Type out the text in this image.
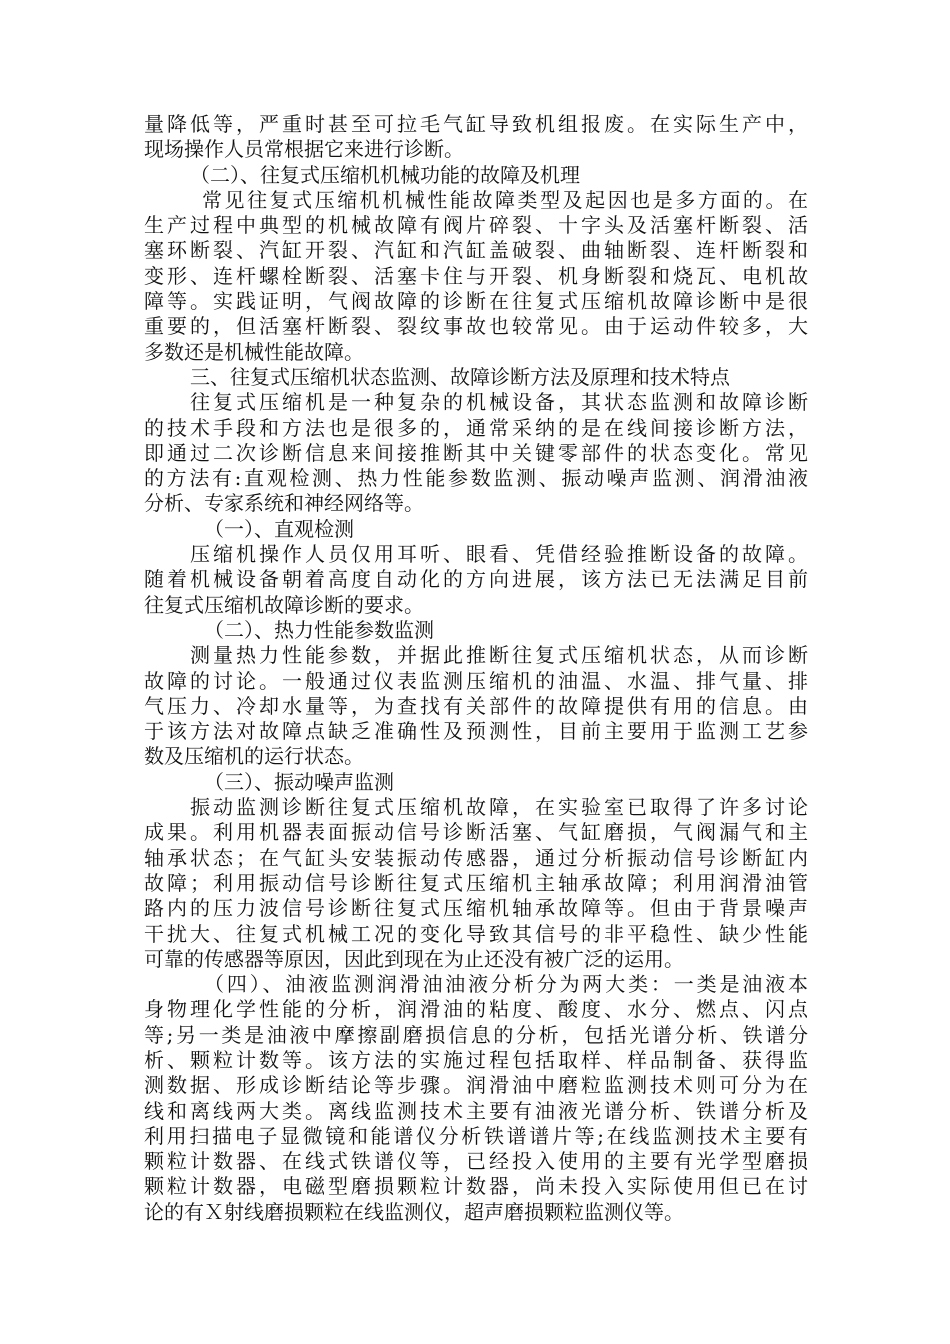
量降低等，严重时甚至可拉毛气缸导致机组报废。在实际生产中，
现场操作人员常根据它来进行诊断。
（二）、往复式压缩机机械功能的故障及机理
常见往复式压缩机机械性能故障类型及起因也是多方面的。在
生产过程中典型的机械故障有阀片碎裂、十字头及活塞杆断裂、活
塞环断裂、汽缸开裂、汽缸和汽缸盖破裂、曲轴断裂、连杆断裂和
变形、连杆螺栓断裂、活塞卡住与开裂、机身断裂和烧瓦、电机故
障等。实践证明，气阀故障的诊断在往复式压缩机故障诊断中是很
重要的，但活塞杆断裂、裂纹事故也较常见。由于运动件较多，大
多数还是机械性能故障。
三、往复式压缩机状态监测、故障诊断方法及原理和技术特点
往复式压缩机是一种复杂的机械设备，其状态监测和故障诊断
的技术手段和方法也是很多的，通常采纳的是在线间接诊断方法，
即通过二次诊断信息来间接推断其中关键零部件的状态变化。常见
的方法有:直观检测、热力性能参数监测、振动噪声监测、润滑油液
分析、专家系统和神经网络等。
（一）、直观检测
压缩机操作人员仅用耳听、眼看、凭借经验推断设备的故障。
随着机械设备朝着高度自动化的方向进展，该方法已无法满足目前
往复式压缩机故障诊断的要求。
（二）、热力性能参数监测
测量热力性能参数，并据此推断往复式压缩机状态，从而诊断
故障的讨论。一般通过仪表监测压缩机的油温、水温、排气量、排
气压力、冷却水量等，为查找有关部件的故障提供有用的信息。由
于该方法对故障点缺乏准确性及预测性，目前主要用于监测工艺参
数及压缩机的运行状态。
（三）、振动噪声监测
振动监测诊断往复式压缩机故障，在实验室已取得了许多讨论
成果。利用机器表面振动信号诊断活塞、气缸磨损，气阀漏气和主
轴承状态；在气缸头安装振动传感器，通过分析振动信号诊断缸内
故障；利用振动信号诊断往复式压缩机主轴承故障；利用润滑油管
路内的压力波信号诊断往复式压缩机轴承故障等。但由于背景噪声
干扰大、往复式机械工况的变化导致其信号的非平稳性、缺少性能
可靠的传感器等原因，因此到现在为止还没有被广泛的运用。
（四）、油液监测润滑油油液分析分为两大类：一类是油液本
身物理化学性能的分析，润滑油的粘度、酸度、水分、燃点、闪点
等;另一类是油液中摩擦副磨损信息的分析，包括光谱分析、铁谱分
析、颗粒计数等。该方法的实施过程包括取样、样品制备、获得监
测数据、形成诊断结论等步骤。润滑油中磨粒监测技术则可分为在
线和离线两大类。离线监测技术主要有油液光谱分析、铁谱分析及
利用扫描电子显微镜和能谱仪分析铁谱谱片等;在线监测技术主要有
颗粒计数器、在线式铁谱仪等，已经投入使用的主要有光学型磨损
颗粒计数器，电磁型磨损颗粒计数器，尚未投入实际使用但已在讨
论的有Ｘ射线磨损颗粒在线监测仪，超声磨损颗粒监测仪等。
